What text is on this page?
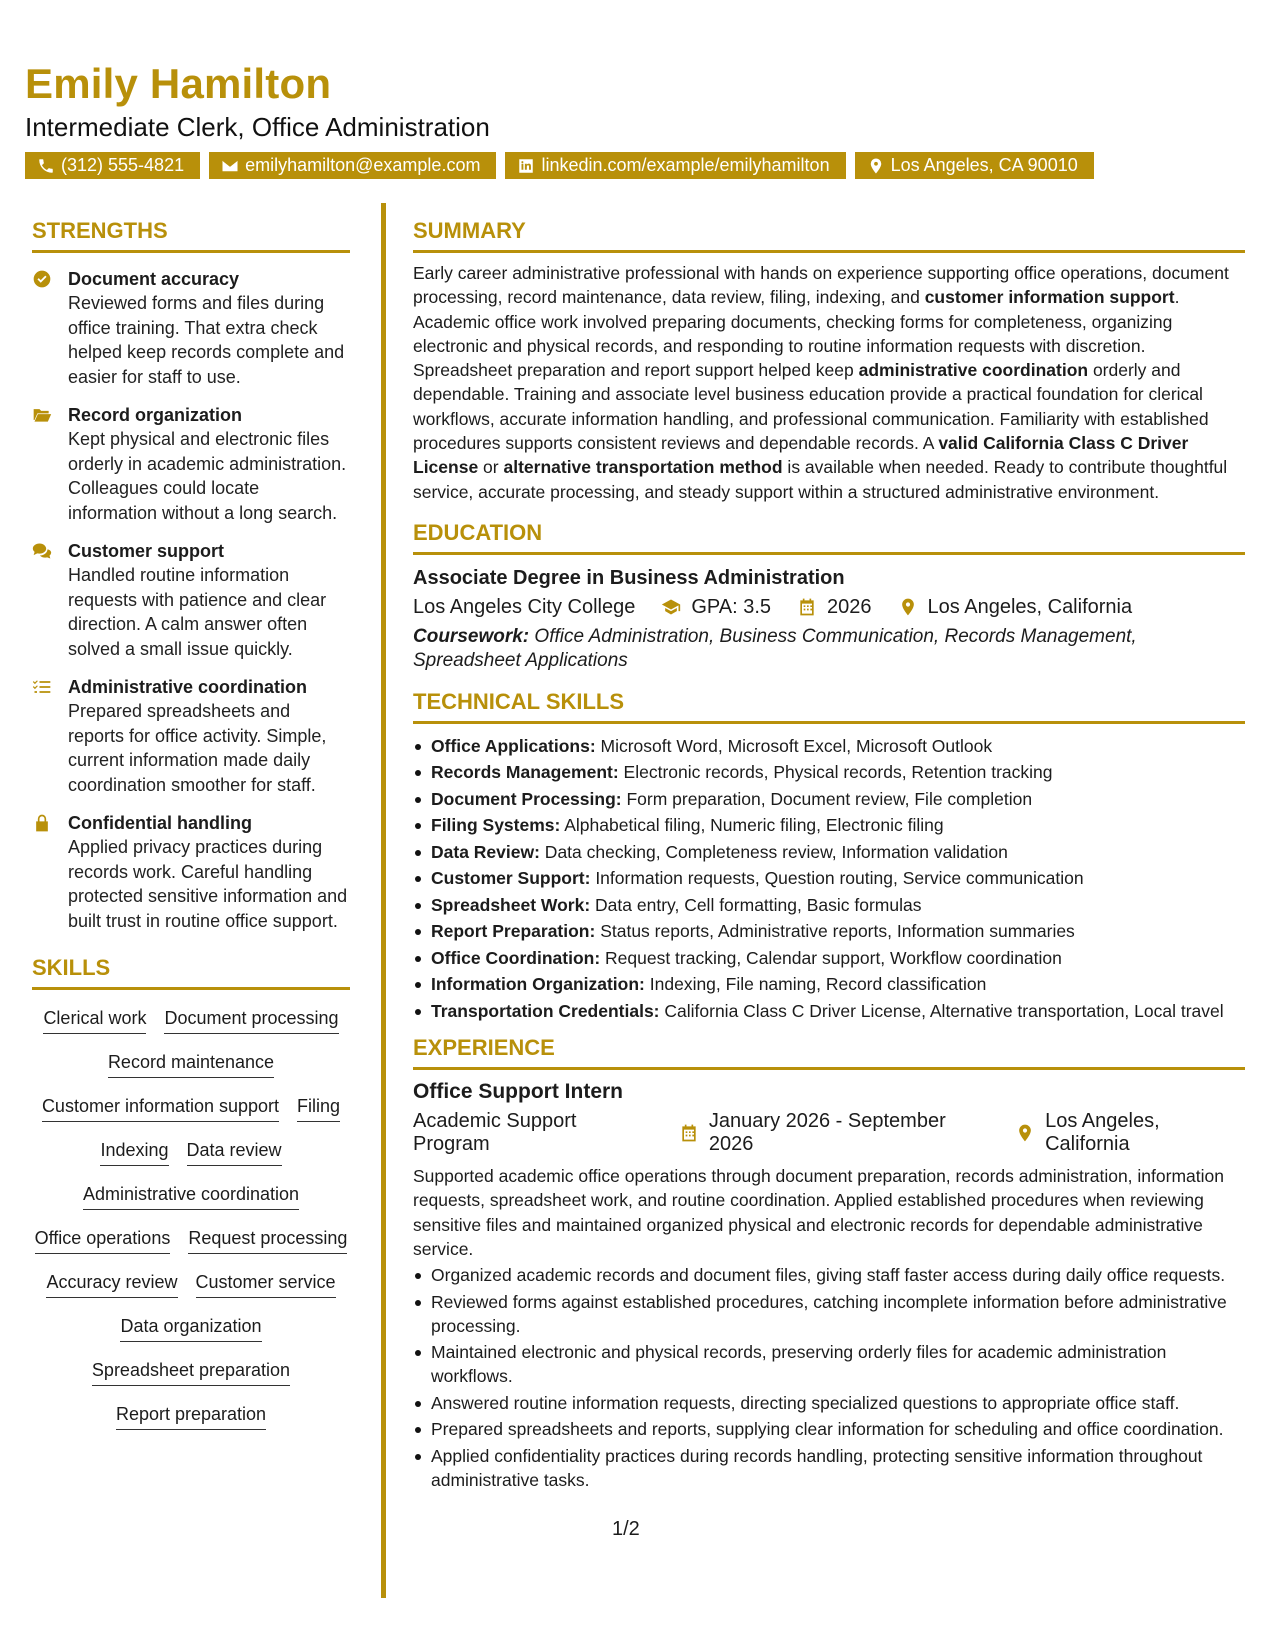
Emily Hamilton
Intermediate Clerk, Office Administration
(312) 555-4821	emilyhamilton@example.com	linkedin.com/example/emilyhamilton	Los Angeles, CA 90010
STRENGTHS
Document accuracy
Reviewed forms and files during office training. That extra check helped keep records complete and easier for staff to use.
Record organization
Kept physical and electronic files orderly in academic administration. Colleagues could locate information without a long search.
Customer support
Handled routine information requests with patience and clear direction. A calm answer often solved a small issue quickly.
Administrative coordination
Prepared spreadsheets and reports for office activity. Simple, current information made daily coordination smoother for staff.
Confidential handling
Applied privacy practices during records work. Careful handling protected sensitive information and built trust in routine office support.
SKILLS
Clerical work Document processing
Record maintenance
Customer information support Filing
Indexing Data review
Administrative coordination
Office operations Request processing
Accuracy review Customer service
Data organization
Spreadsheet preparation
Report preparation
SUMMARY
Early career administrative professional with hands on experience supporting office operations, document processing, record maintenance, data review, filing, indexing, and customer information support. Academic office work involved preparing documents, checking forms for completeness, organizing electronic and physical records, and responding to routine information requests with discretion. Spreadsheet preparation and report support helped keep administrative coordination orderly and dependable. Training and associate level business education provide a practical foundation for clerical workflows, accurate information handling, and professional communication. Familiarity with established procedures supports consistent reviews and dependable records. A valid California Class C Driver License or alternative transportation method is available when needed. Ready to contribute thoughtful service, accurate processing, and steady support within a structured administrative environment.
EDUCATION
Associate Degree in Business Administration
Los Angeles City College	GPA: 3.5	2026	Los Angeles, California
Coursework: Office Administration, Business Communication, Records Management, Spreadsheet Applications
TECHNICAL SKILLS
Office Applications: Microsoft Word, Microsoft Excel, Microsoft Outlook
Records Management: Electronic records, Physical records, Retention tracking
Document Processing: Form preparation, Document review, File completion
Filing Systems: Alphabetical filing, Numeric filing, Electronic filing
Data Review: Data checking, Completeness review, Information validation
Customer Support: Information requests, Question routing, Service communication
Spreadsheet Work: Data entry, Cell formatting, Basic formulas
Report Preparation: Status reports, Administrative reports, Information summaries
Office Coordination: Request tracking, Calendar support, Workflow coordination
Information Organization: Indexing, File naming, Record classification
Transportation Credentials: California Class C Driver License, Alternative transportation, Local travel
EXPERIENCE
Office Support Intern
Academic Support Program
January 2026 - September 2026
Los Angeles, California
Supported academic office operations through document preparation, records administration, information requests, spreadsheet work, and routine coordination. Applied established procedures when reviewing sensitive files and maintained organized physical and electronic records for dependable administrative service.
Organized academic records and document files, giving staff faster access during daily office requests.
Reviewed forms against established procedures, catching incomplete information before administrative processing.
Maintained electronic and physical records, preserving orderly files for academic administration workflows.
Answered routine information requests, directing specialized questions to appropriate office staff.
Prepared spreadsheets and reports, supplying clear information for scheduling and office coordination.
Applied confidentiality practices during records handling, protecting sensitive information throughout administrative tasks.
1/2
